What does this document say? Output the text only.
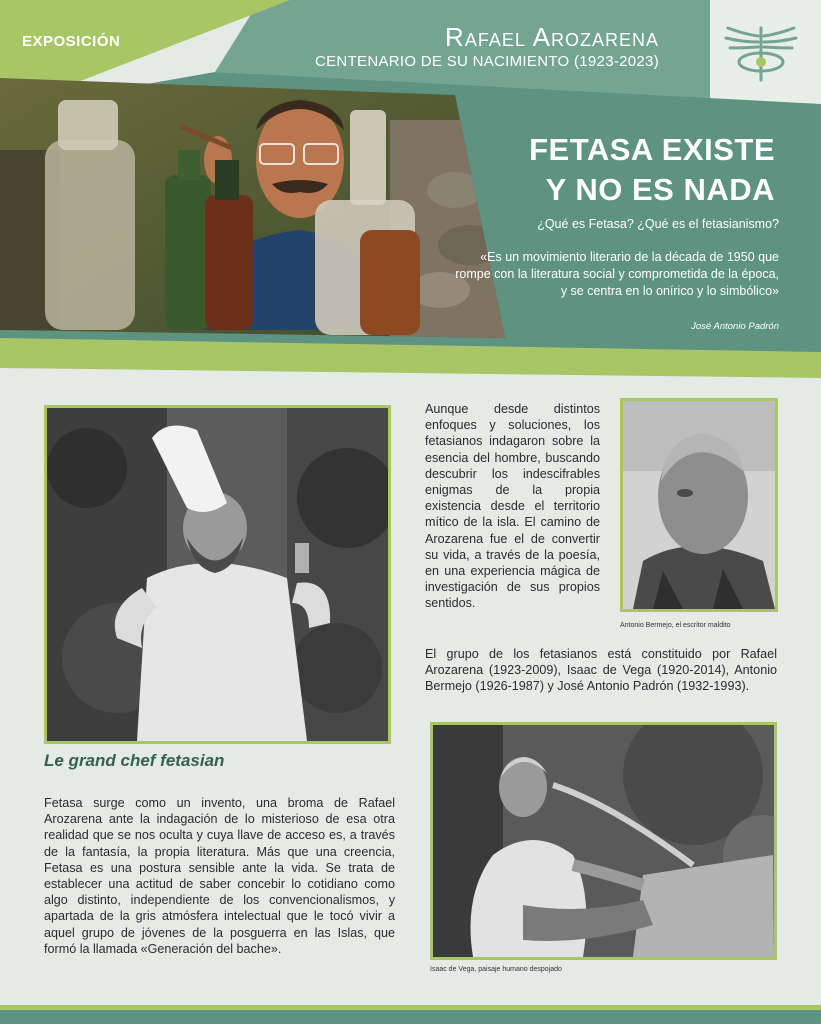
EXPOSICIÓN	Rafael Arozarena
CENTENARIO DE SU NACIMIENTO (1923-2023)
FETASA EXISTE
Y NO ES NADA
¿Qué es Fetasa? ¿Qué es el fetasianismo?
«Es un movimiento literario de la década de 1950 que rompe con la literatura social y comprometida de la época, y se centra en lo onírico y lo simbólico»
José Antonio Padrón
Le grand chef fetasian
Fetasa surge como un invento, una broma de Rafael Arozarena ante la indagación de lo misterioso de esa otra realidad que se nos oculta y cuya llave de acceso es, a través de la fantasía, la propia literatura. Más que una creencia, Fetasa es una postura sensible ante la vida. Se trata de establecer una actitud de saber concebir lo cotidiano como algo distinto, independiente de los convencionalismos, y apartada de la gris atmósfera intelectual que le tocó vivir a aquel grupo de jóvenes de la posguerra en las Islas, que formó la llamada «Generación del bache».
Aunque desde distintos enfoques y soluciones, los fetasianos indagaron sobre la esencia del hombre, buscando descubrir los indescifrables enigmas de la propia existencia desde el territorio mítico de la isla. El camino de Arozarena fue el de convertir su vida, a través de la poesía, en una experiencia mágica de investigación de sus propios sentidos.
Antonio Bermejo, el escritor maldito
El grupo de los fetasianos está constituido por Rafael Arozarena (1923-2009), Isaac de Vega (1920-2014), Antonio Bermejo (1926-1987) y José Antonio Padrón (1932-1993).
Isaac de Vega, paisaje humano despojado
